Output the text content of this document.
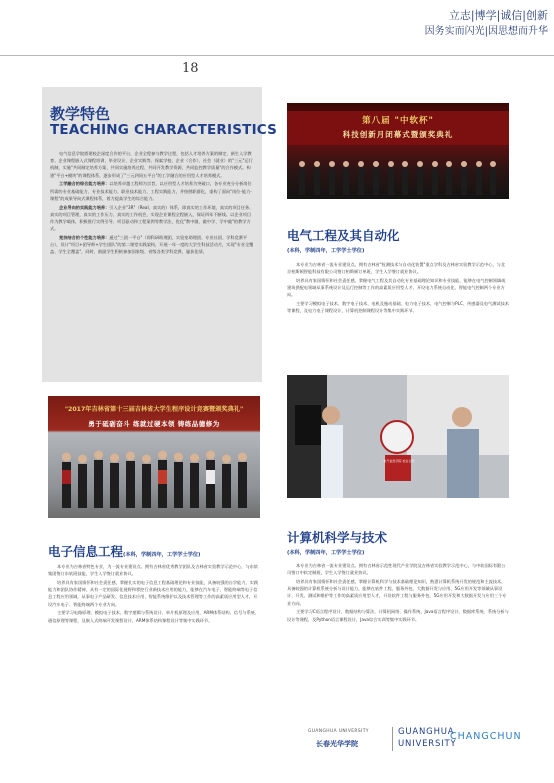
立志|博学|诚信|创新
因务实而闪光|因思想而升华
18
教学特色
TEACHING CHARACTERISTICS

电气信息学院搭建校企深度合作的平台，企业全程参与教学过程，包括人才培养方案的制定、新生入学教育、企业课程嵌入式课程培训、毕业设计、企业实践等。探索学校、企业（合作）、社会（就业）的"三元"运行机制，实施"共同制定培养方案、共同实施培养过程、共同开发教学资源、共同监控教学质量"的合作模式。构建"平台+模块"的课程体系，逐步形成了"三元四同五平台"的工学融合的应用型人才培养模式。

工学融合的综合能力培养：以培养卓越工程师为宗旨，以应用型人才培养为突破口，各专业充分分析岗位所需的专业基础能力、专业技术能力、职业技术能力、工程实践能力，并按照职群化，重构了面向"岗位-能力-课程"的成果导向式课程体系，着力提高学生的综合能力。

企业导向的实践能力培养：引入企业"3R"（Real，真实的）体系，即真实的工作环境、真实的项目任务、真实的项目管理，真实的工作压力、真实的工作机会，实现企业课程全程嵌入，保证四年不断线。以企业项目作为教学载体，积极推行实例引导、项目驱动和工程案例等教学法，优化"教中做、做中学、学中做"的教学方式。

竞技结合的个性能力培养：通过"三团一平台"（即科研助理团、实验室助理团、专业社团、学科竞赛平台），设计"项目+团导师+学生团队"的第二课堂实践架构，开展一年一度的大学生科技活动月，实现"专业全覆盖、学生全覆盖"，同时，鼓励学生积极参加国家级、省级各类学科竞赛，屡获佳绩。

第八届 "中软杯"
科技创新月闭幕式暨颁奖典礼
电气工程及其自动化
(本科，学制四年，工学学士学位)

本专业为吉林省一流专业建设点。拥有吉林省"检测技术与自动化装置"重点学科及吉林省实验教学示范中心，与北京柏斯顿智能科技有限公司签订柏斯顿订单班，学生入学签订就业协议。

培养具有家国情怀和社会责任感，掌握电气工程及其自动化专业基础理论知识和专业技能，能够在电气控制领域或建筑供配电领域从事系统设计及运行控制等工作的高素质应用型人才，开设电力系统自动化、智能电气控制两个专业方向。

主要学习模拟电子技术、数字电子技术、电机及拖动基础、电力电子技术、电气控制与PLC、传感器及电气测试技术等课程，及电力电子课程设计，计算机控制课程设计等集中实践环节。

电气信息学院 校企合作
"2017年吉林省第十三届吉林省大学生程序设计竞赛暨颁奖典礼"
勇于砥砺奋斗 练就过硬本领 铸练品德修为
电子信息工程(本科，学制四年，工学学士学位)

本专业为吉林省特色专业，为一流专业建设点。拥有吉林省优秀教学团队及吉林省实验教学示范中心，与东软集团签订东软班技能，学生入学签订就业协议。

培养具有家国情怀和社会责任感，掌握扎实的电子信息工程基础理论和专业技能，具备较强的自学能力、实践能力和团队协作精神，具有一定的国际化视野和掌控行业新技术应用的能力，能够在汽车电子、智能终端等电子信息工程应用领域，从事电子产品研发、信息技术应用、智能系统维护以及技术管理等工作的高素质应用型人才，开设汽车电子、智能终端两个专业方向。

主要学习电路原理、模拟电子技术、数字逻辑与系统设计、单片机原理及应用、ARM体系结构、信号与系统、通信原理等课程，及嵌入式终端开发课程设计，ARM体系结构课程设计等集中实践环节。

计算机科学与技术
(本科，学制四年，工学学士学位)

本专业为吉林省一流专业建设点。拥有吉林省示范性现代产业学院及吉林省实验教学示范中心，与中软国际有限公司签订中软定制班，学生入学签订就业协议。

培养具有家国情怀和社会责任感，掌握计算机科学与技术基础理论知识，熟悉计算机系统开发的规范和主流技术，具备较强的计算机系统分析与设计能力，能够在软件工程、服务外包、大数据开发与应用、5G应用开发等领域从事设计、开发、测试和维护等工作的高素质应用型人才，开设软件工程与服务外包、5G应用开发和大数据开发与应用三个专业方向。

主要学习C语言程序设计、数据结构与算法、计算机网络、操作系统、Java语言程序设计、数据库系统、系统分析与设计等课程，及Python语言课程设计，Java综合实训等集中实践环节。

GUANGHUA UNIVERSITY
长春光华学院
GUANGHUA
UNIVERSITY
CHANGCHUN
